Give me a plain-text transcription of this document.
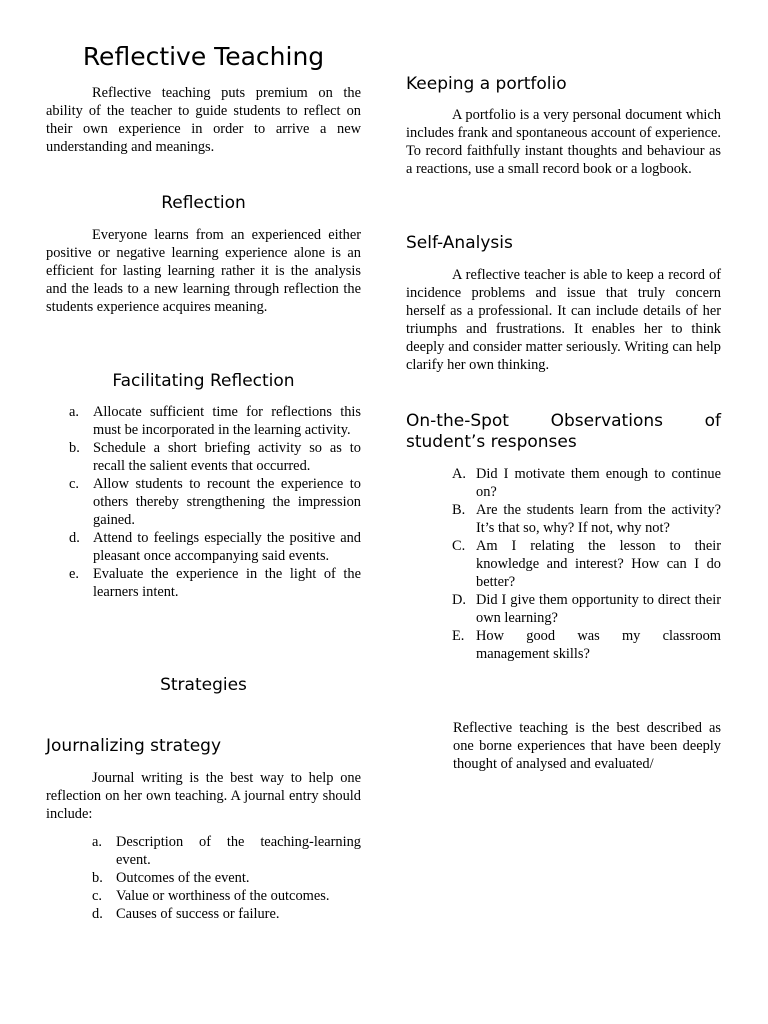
Reflective Teaching

Reflective teaching puts premium on the ability of the teacher to guide students to reflect on their own experience in order to arrive a new understanding and meanings.

Reflection

Everyone learns from an experienced either positive or negative learning experience alone is an efficient for lasting learning rather it is the analysis and the leads to a new learning through reflection the students experience acquires meaning.

Facilitating Reflection
a. Allocate sufficient time for reflections this must be incorporated in the learning activity.
b. Schedule a short briefing activity so as to recall the salient events that occurred.
c. Allow students to recount the experience to others thereby strengthening the impression gained.
d. Attend to feelings especially the positive and pleasant once accompanying said events.
e. Evaluate the experience in the light of the learners intent.
Strategies
Journalizing strategy

Journal writing is the best way to help one reflection on her own teaching. A journal entry should include:

a. Description of the teaching-learning event.
b. Outcomes of the event.
c. Value or worthiness of the outcomes.
d. Causes of success or failure.
Keeping a portfolio

A portfolio is a very personal document which includes frank and spontaneous account of experience. To record faithfully instant thoughts and behaviour as a reactions, use a small record book or a logbook.

Self-Analysis

A reflective teacher is able to keep a record of incidence problems and issue that truly concern herself as a professional. It can include details of her triumphs and frustrations. It enables her to think deeply and consider matter seriously. Writing can help clarify her own thinking.

On-the-Spot Observations of student’s responses
A. Did I motivate them enough to continue on?
B. Are the students learn from the activity? It’s that so, why? If not, why not?
C. Am I relating the lesson to their knowledge and interest? How can I do better?
D. Did I give them opportunity to direct their own learning?
E. How good was my classroom management skills?

Reflective teaching is the best described as one borne experiences that have been deeply thought of analysed and evaluated/
